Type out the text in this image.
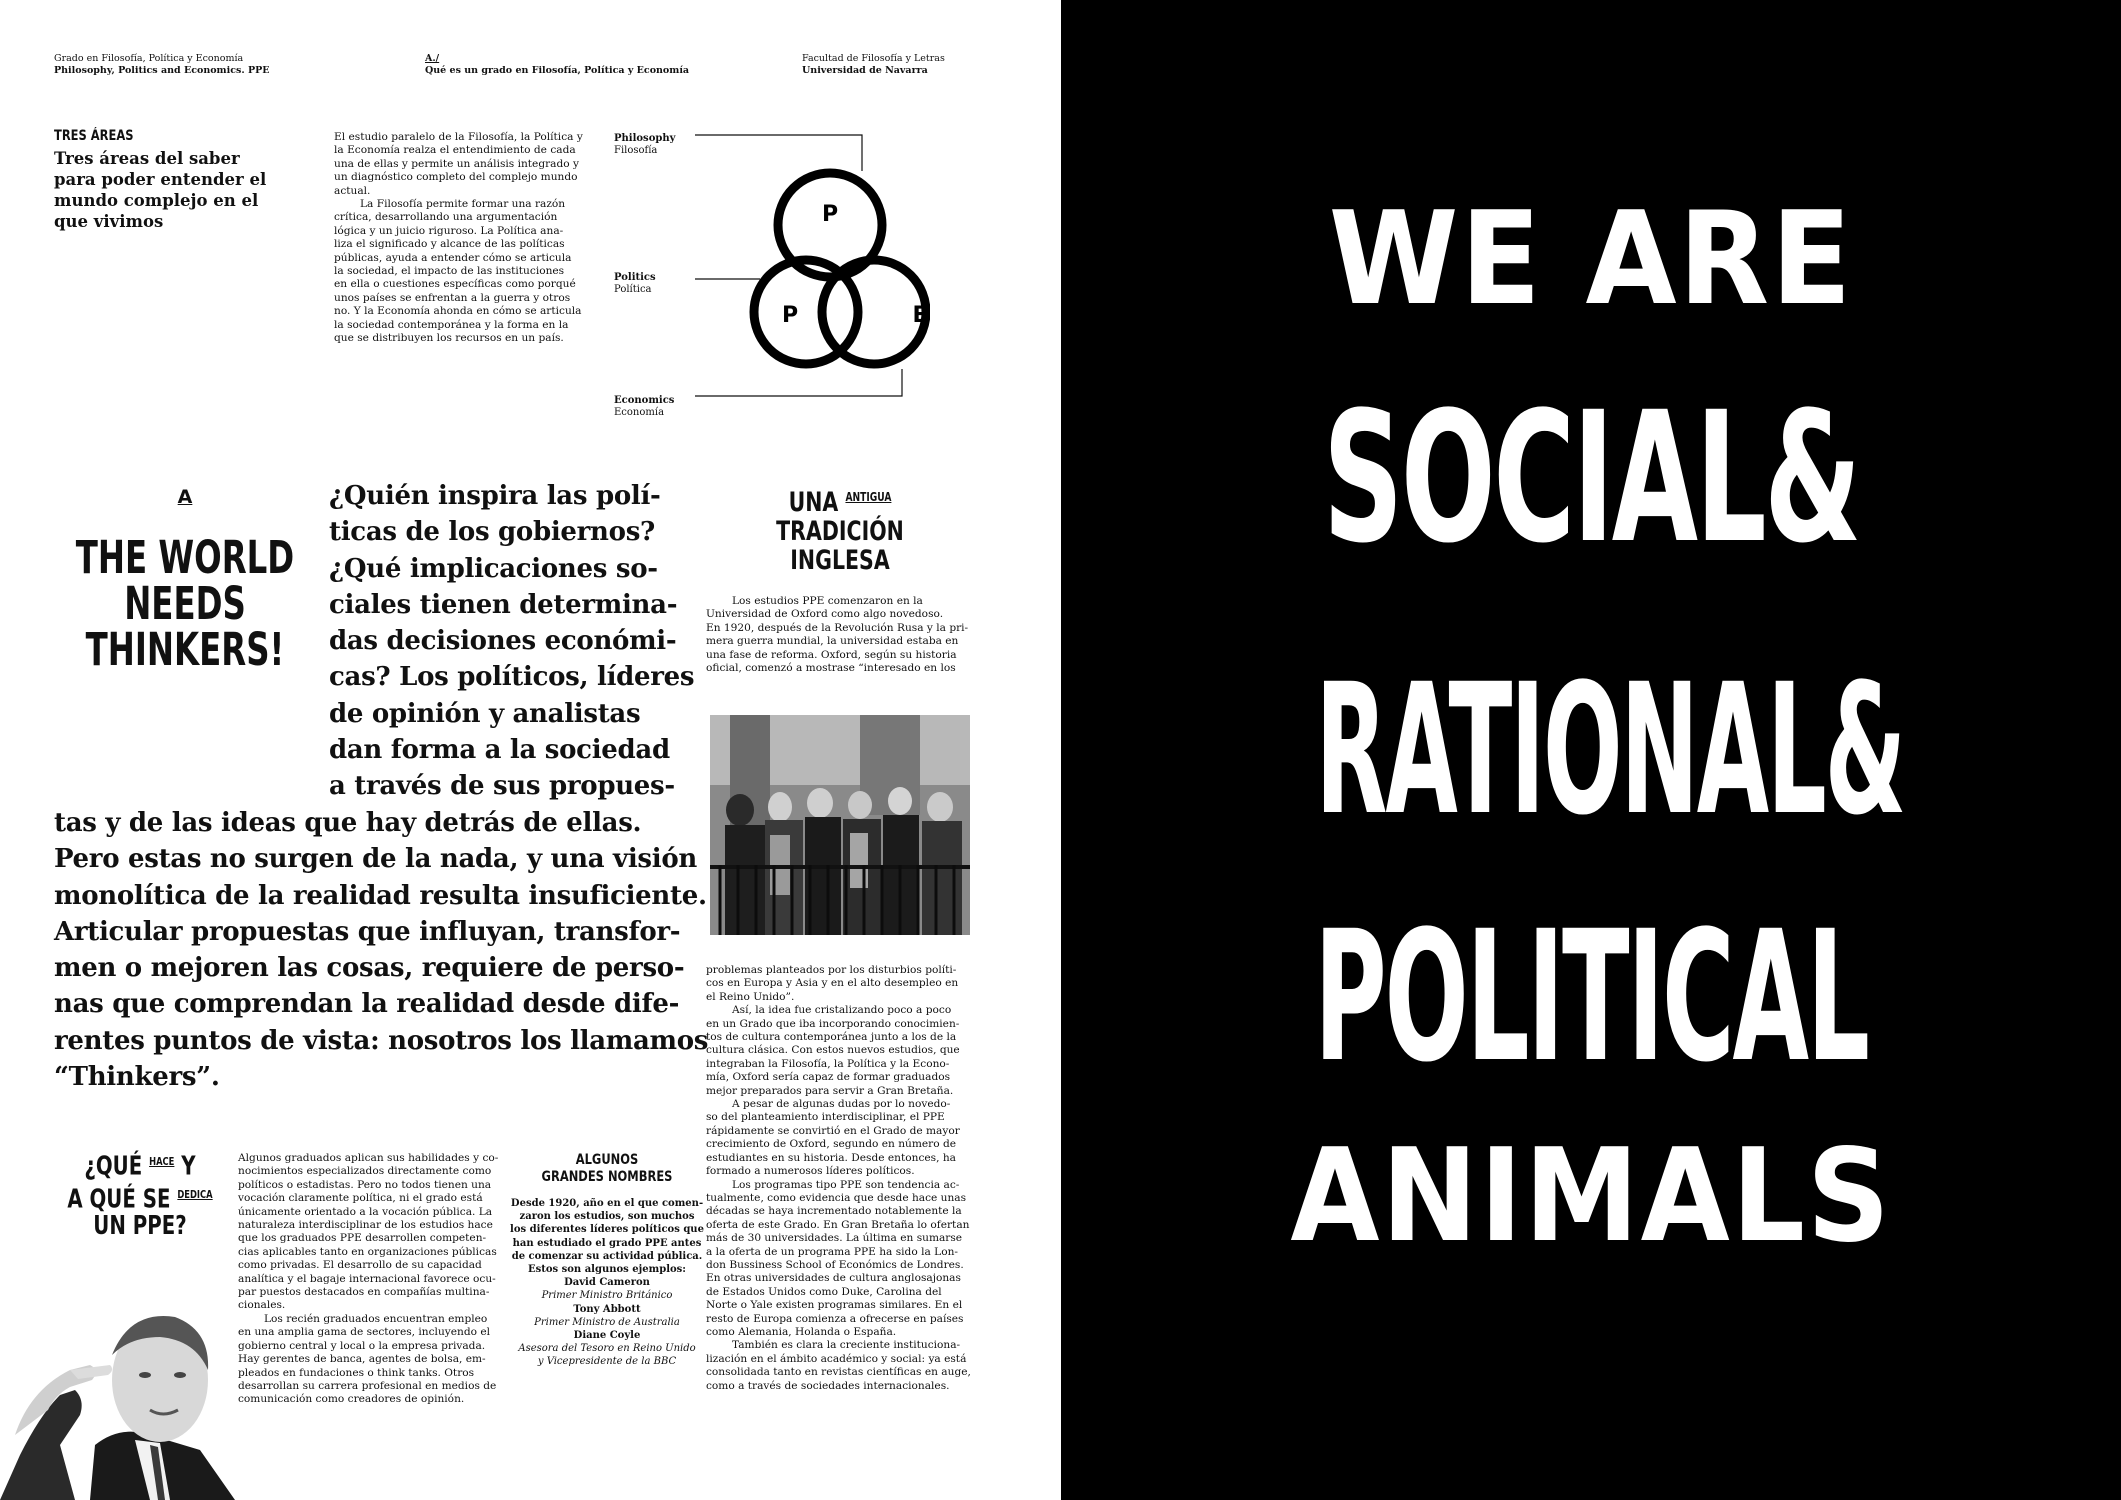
Grado en Filosofía, Política y Economía
Philosophy, Politics and Economics. PPE
A./
Qué es un grado en Filosofía, Política y Economía
Facultad de Filosofía y Letras
Universidad de Navarra
TRES ÁREAS
Tres áreas del saber
para poder entender el
mundo complejo en el
que vivimos
El estudio paralelo de la Filosofía, la Política y
la Economía realza el entendimiento de cada
una de ellas y permite un análisis integrado y
un diagnóstico completo del complejo mundo
actual.
La Filosofía permite formar una razón
crítica, desarrollando una argumentación
lógica y un juicio riguroso. La Política ana-
liza el significado y alcance de las políticas
públicas, ayuda a entender cómo se articula
la sociedad, el impacto de las instituciones
en ella o cuestiones específicas como porqué
unos países se enfrentan a la guerra y otros
no. Y la Economía ahonda en cómo se articula
la sociedad contemporánea y la forma en la
que se distribuyen los recursos en un país.
Philosophy
Filosofía
Politics
Política
Economics
Economía
P
P	E
A
THE WORLD
NEEDS
THINKERS!
¿Quién inspira las polí-
ticas de los gobiernos?
¿Qué implicaciones so-
ciales tienen determina-
das decisiones económi-
cas? Los políticos, líderes
de opinión y analistas
dan forma a la sociedad
a través de sus propues-
tas y de las ideas que hay detrás de ellas.
Pero estas no surgen de la nada, y una visión
monolítica de la realidad resulta insuficiente.
Articular propuestas que influyan, transfor-
men o mejoren las cosas, requiere de perso-
nas que comprendan la realidad desde dife-
rentes puntos de vista: nosotros los llamamos
“Thinkers”.
UNA $^{ANTIGUA}$
TRADICIÓN
INGLESA
Los estudios PPE comenzaron en la
Universidad de Oxford como algo novedoso.
En 1920, después de la Revolución Rusa y la pri-
mera guerra mundial, la universidad estaba en
una fase de reforma. Oxford, según su historia
oficial, comenzó a mostrase “interesado en los
problemas planteados por los disturbios políti-
cos en Europa y Asia y en el alto desempleo en
el Reino Unido”.
Así, la idea fue cristalizando poco a poco
en un Grado que iba incorporando conocimien-
tos de cultura contemporánea junto a los de la
cultura clásica. Con estos nuevos estudios, que
integraban la Filosofía, la Política y la Econo-
mía, Oxford sería capaz de formar graduados
mejor preparados para servir a Gran Bretaña.
A pesar de algunas dudas por lo novedo-
so del planteamiento interdisciplinar, el PPE
rápidamente se convirtió en el Grado de mayor
crecimiento de Oxford, segundo en número de
estudiantes en su historia. Desde entonces, ha
formado a numerosos líderes políticos.
Los programas tipo PPE son tendencia ac-
tualmente, como evidencia que desde hace unas
décadas se haya incrementado notablemente la
oferta de este Grado. En Gran Bretaña lo ofertan
más de 30 universidades. La última en sumarse
a la oferta de un programa PPE ha sido la Lon-
don Bussiness School of Económics de Londres.
En otras universidades de cultura anglosajonas
de Estados Unidos como Duke, Carolina del
Norte o Yale existen programas similares. En el
resto de Europa comienza a ofrecerse en países
como Alemania, Holanda o España.
También es clara la creciente instituciona-
lización en el ámbito académico y social: ya está
consolidada tanto en revistas científicas en auge,
como a través de sociedades internacionales.
¿QUÉ $^{HACE}$ Y
A QUÉ SE $^{DEDICA}$
UN PPE?
Algunos graduados aplican sus habilidades y co-
nocimientos especializados directamente como
políticos o estadistas. Pero no todos tienen una
vocación claramente política, ni el grado está
únicamente orientado a la vocación pública. La
naturaleza interdisciplinar de los estudios hace
que los graduados PPE desarrollen competen-
cias aplicables tanto en organizaciones públicas
como privadas. El desarrollo de su capacidad
analítica y el bagaje internacional favorece ocu-
par puestos destacados en compañías multina-
cionales.
Los recién graduados encuentran empleo
en una amplia gama de sectores, incluyendo el
gobierno central y local o la empresa privada.
Hay gerentes de banca, agentes de bolsa, em-
pleados en fundaciones o think tanks. Otros
desarrollan su carrera profesional en medios de
comunicación como creadores de opinión.
ALGUNOS
GRANDES NOMBRES
Desde 1920, año en el que comen-
zaron los estudios, son muchos
los diferentes líderes políticos que
han estudiado el grado PPE antes
de comenzar su actividad pública.
Estos son algunos ejemplos:
David Cameron
Primer Ministro Británico
Tony Abbott
Primer Ministro de Australia
Diane Coyle
Asesora del Tesoro en Reino Unido
y Vicepresidente de la BBC
WE ARE
SOCIAL&
RATIONAL&
POLITICAL
ANIMALS
